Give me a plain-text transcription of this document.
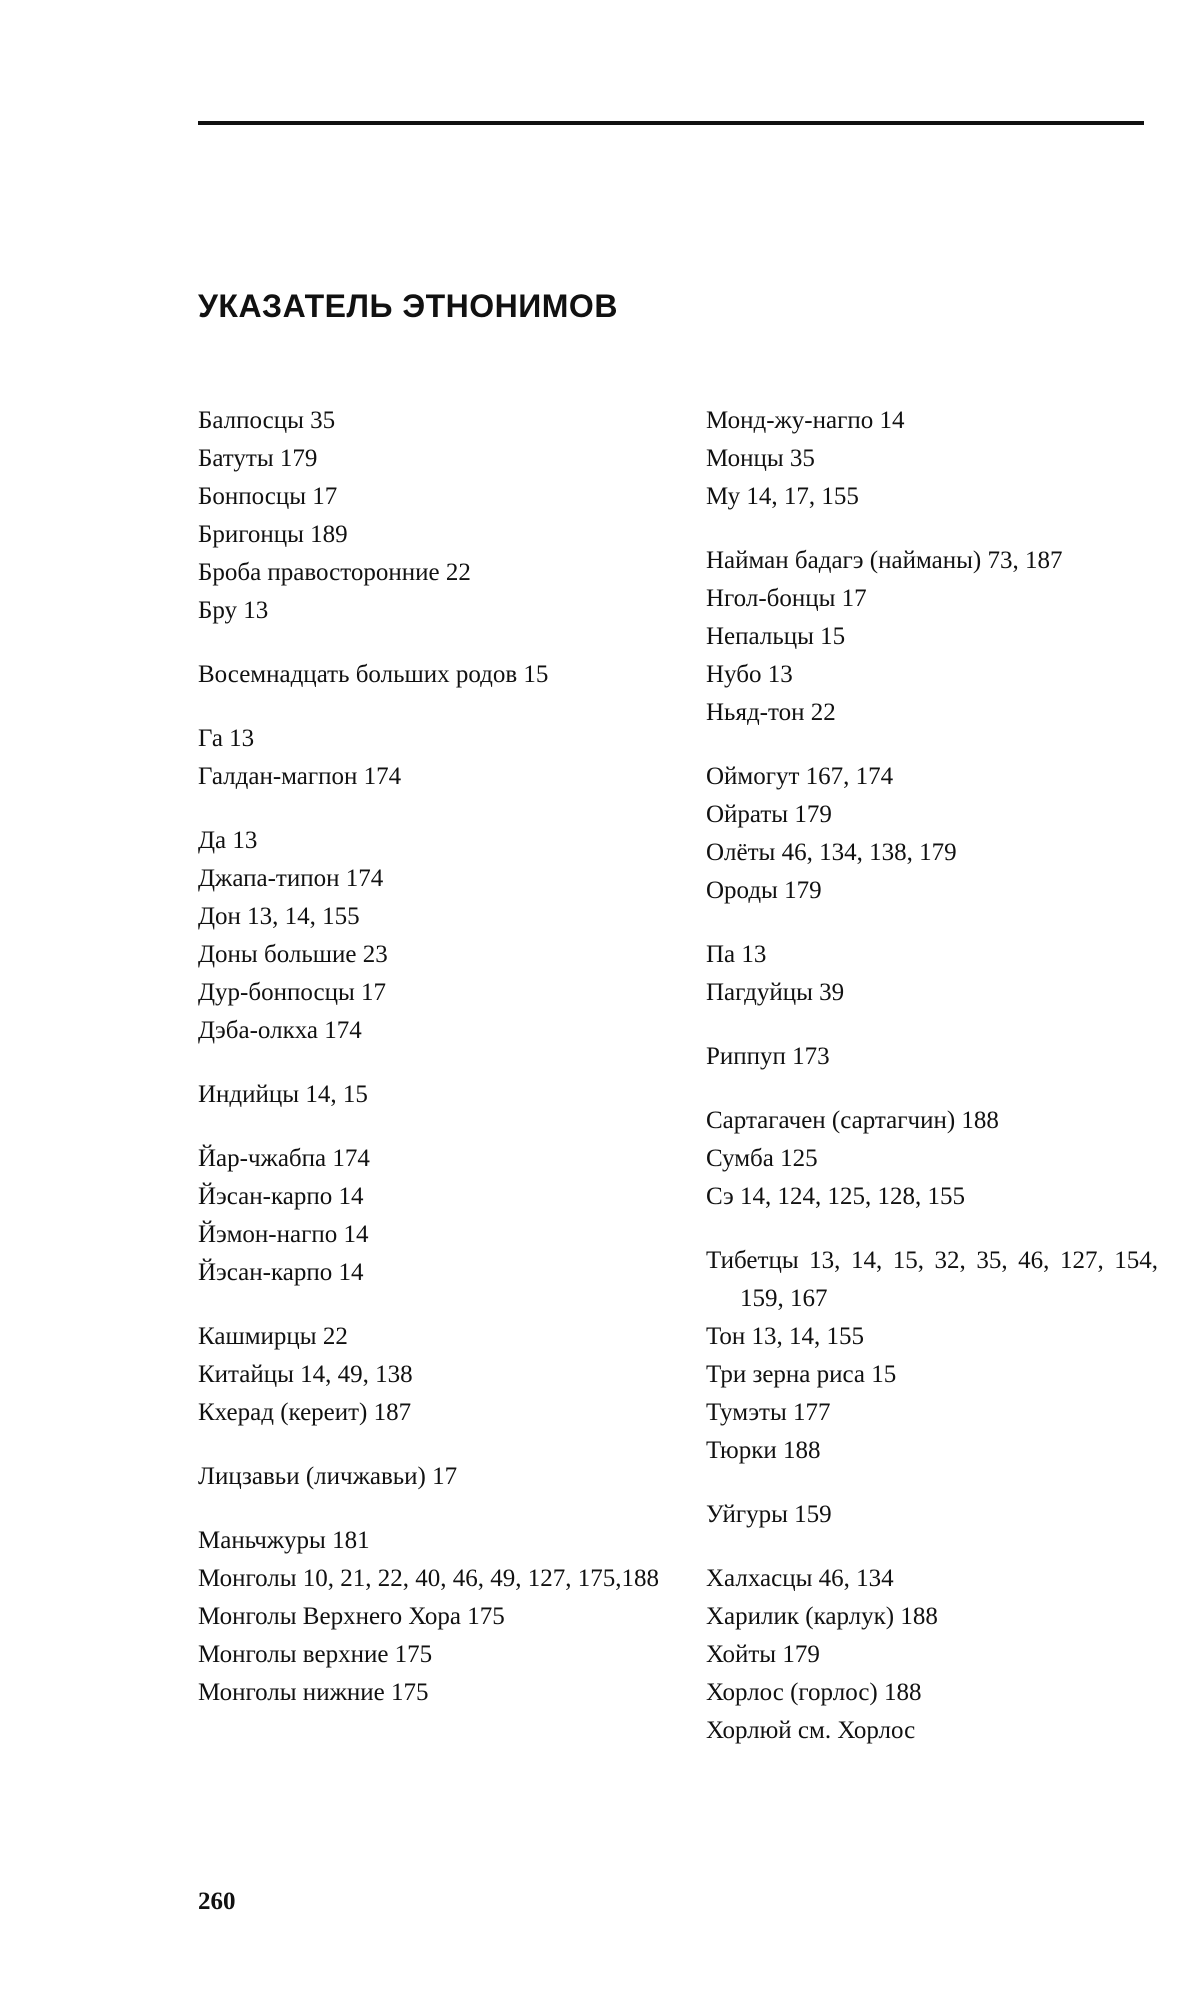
УКАЗАТЕЛЬ ЭТНОНИМОВ
Балпосцы 35
Батуты 179
Бонпосцы 17
Бригонцы 189
Броба правосторонние 22
Бру 13
Восемнадцать больших родов 15
Га 13
Галдан-магпон 174
Да 13
Джапа-типон 174
Дон 13, 14, 155
Доны большие 23
Дур-бонпосцы 17
Дэба-олкха 174
Индийцы 14, 15
Йар-чжабпа 174
Йэсан-карпо 14
Йэмон-нагпо 14
Йэсан-карпо 14
Кашмирцы 22
Китайцы 14, 49, 138
Кхерад (кереит) 187
Лицзавьи (личжавьи) 17
Маньчжуры 181
Монголы 10, 21, 22, 40, 46, 49, 127, 175,188
Монголы Верхнего Хора 175
Монголы верхние 175
Монголы нижние 175
Монд-жу-нагпо 14
Монцы 35
Му 14, 17, 155
Найман бадагэ (найманы) 73, 187
Нгол-бонцы 17
Непальцы 15
Нубо 13
Ньяд-тон 22
Оймогут 167, 174
Ойраты 179
Олёты 46, 134, 138, 179
Ороды 179
Па 13
Пагдуйцы 39
Риппуп 173
Сартагачен (сартагчин) 188
Сумба 125
Сэ 14, 124, 125, 128, 155
Тибетцы 13, 14, 15, 32, 35, 46, 127, 154, 159, 167
Тон 13, 14, 155
Три зерна риса 15
Тумэты 177
Тюрки 188
Уйгуры 159
Халхасцы 46, 134
Харилик (карлук) 188
Хойты 179
Хорлос (горлос) 188
Хорлюй см. Хорлос
260
